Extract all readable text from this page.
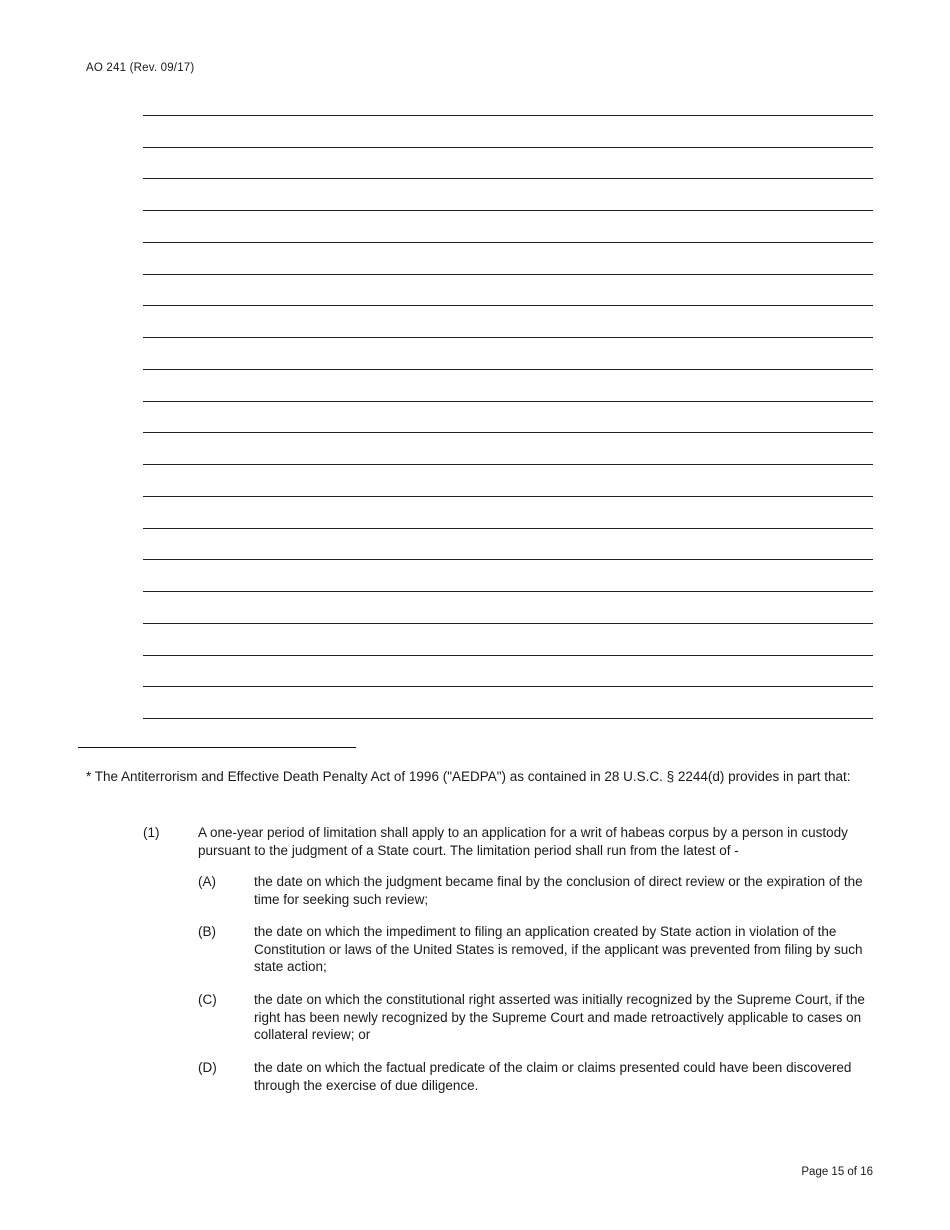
AO 241 (Rev. 09/17)

* The Antiterrorism and Effective Death Penalty Act of 1996 ("AEDPA") as contained in 28 U.S.C. § 2244(d) provides in part that:

(1)	A one-year period of limitation shall apply to an application for a writ of habeas corpus by a person in custody pursuant to the judgment of a State court. The limitation period shall run from the latest of -
(A)	the date on which the judgment became final by the conclusion of direct review or the expiration of the time for seeking such review;
(B)	the date on which the impediment to filing an application created by State action in violation of the Constitution or laws of the United States is removed, if the applicant was prevented from filing by such state action;
(C)	the date on which the constitutional right asserted was initially recognized by the Supreme Court, if the right has been newly recognized by the Supreme Court and made retroactively applicable to cases on collateral review; or
(D)	the date on which the factual predicate of the claim or claims presented could have been discovered through the exercise of due diligence.
Page 15 of 16
